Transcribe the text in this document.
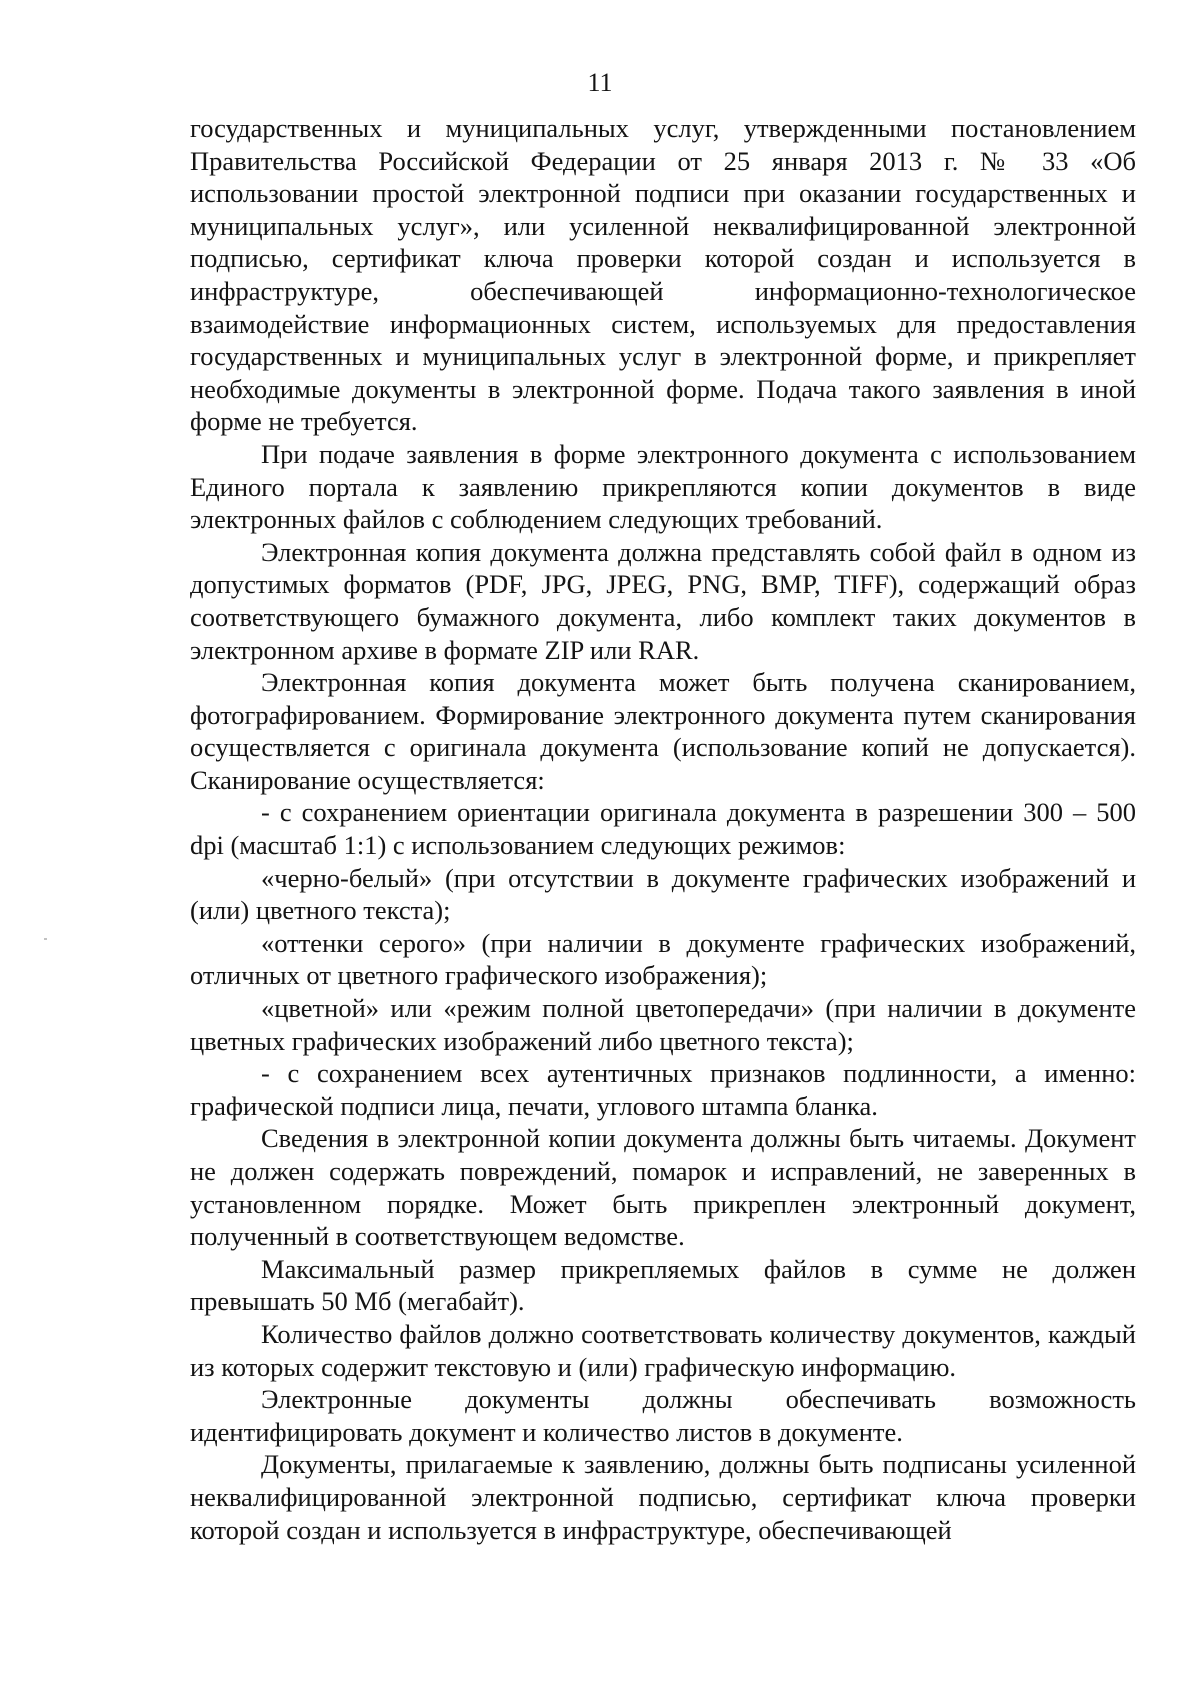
11

государственных и муниципальных услуг, утвержденными постановлением Правительства Российской Федерации от 25 января 2013 г. № 33 «Об использовании простой электронной подписи при оказании государственных и муниципальных услуг», или усиленной неквалифицированной электронной подписью, сертификат ключа проверки которой создан и используется в инфраструктуре, обеспечивающей информационно-технологическое взаимодействие информационных систем, используемых для предоставления государственных и муниципальных услуг в электронной форме, и прикрепляет необходимые документы в электронной форме. Подача такого заявления в иной форме не требуется.

При подаче заявления в форме электронного документа с использованием Единого портала к заявлению прикрепляются копии документов в виде электронных файлов с соблюдением следующих требований.

Электронная копия документа должна представлять собой файл в одном из допустимых форматов (PDF, JPG, JPEG, PNG, BMP, TIFF), содержащий образ соответствующего бумажного документа, либо комплект таких документов в электронном архиве в формате ZIP или RAR.

Электронная копия документа может быть получена сканированием, фотографированием. Формирование электронного документа путем сканирования осуществляется с оригинала документа (использование копий не допускается). Сканирование осуществляется:

- с сохранением ориентации оригинала документа в разрешении 300 – 500 dpi (масштаб 1:1) с использованием следующих режимов:

«черно-белый» (при отсутствии в документе графических изображений и (или) цветного текста);

«оттенки серого» (при наличии в документе графических изображений, отличных от цветного графического изображения);

«цветной» или «режим полной цветопередачи» (при наличии в документе цветных графических изображений либо цветного текста);

- с сохранением всех аутентичных признаков подлинности, а именно: графической подписи лица, печати, углового штампа бланка.

Сведения в электронной копии документа должны быть читаемы. Документ не должен содержать повреждений, помарок и исправлений, не заверенных в установленном порядке. Может быть прикреплен электронный документ, полученный в соответствующем ведомстве.

Максимальный размер прикрепляемых файлов в сумме не должен превышать 50 Мб (мегабайт).

Количество файлов должно соответствовать количеству документов, каждый из которых содержит текстовую и (или) графическую информацию.

Электронные документы должны обеспечивать возможность идентифицировать документ и количество листов в документе.

Документы, прилагаемые к заявлению, должны быть подписаны усиленной неквалифицированной электронной подписью, сертификат ключа проверки которой создан и используется в инфраструктуре, обеспечивающей
